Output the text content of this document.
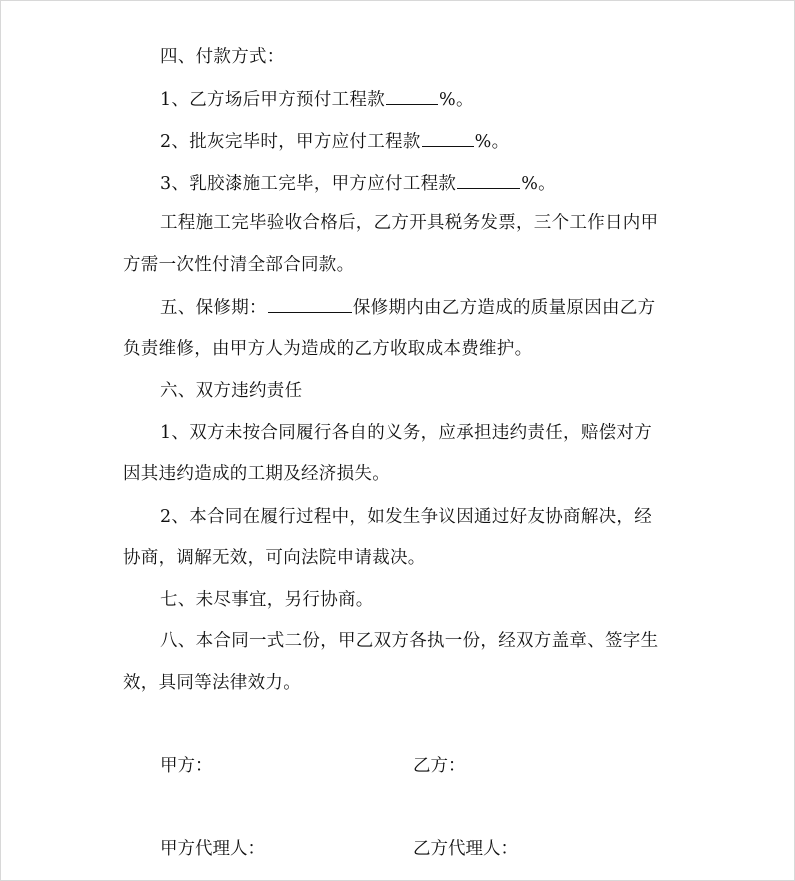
四、付款方式：
1、乙方场后甲方预付工程款	%。
2、批灰完毕时，甲方应付工程款	%。
3、乳胶漆施工完毕，甲方应付工程款	%。
工程施工完毕验收合格后，乙方开具税务发票，三个工作日内甲
方需一次性付清全部合同款。
五、保修期：	保修期内由乙方造成的质量原因由乙方
负责维修，由甲方人为造成的乙方收取成本费维护。
六、双方违约责任
1、双方未按合同履行各自的义务，应承担违约责任，赔偿对方
因其违约造成的工期及经济损失。
2、本合同在履行过程中，如发生争议因通过好友协商解决，经
协商，调解无效，可向法院申请裁决。
七、未尽事宜，另行协商。
八、本合同一式二份，甲乙双方各执一份，经双方盖章、签字生
效，具同等法律效力。
甲方：	乙方：
甲方代理人：	乙方代理人：
